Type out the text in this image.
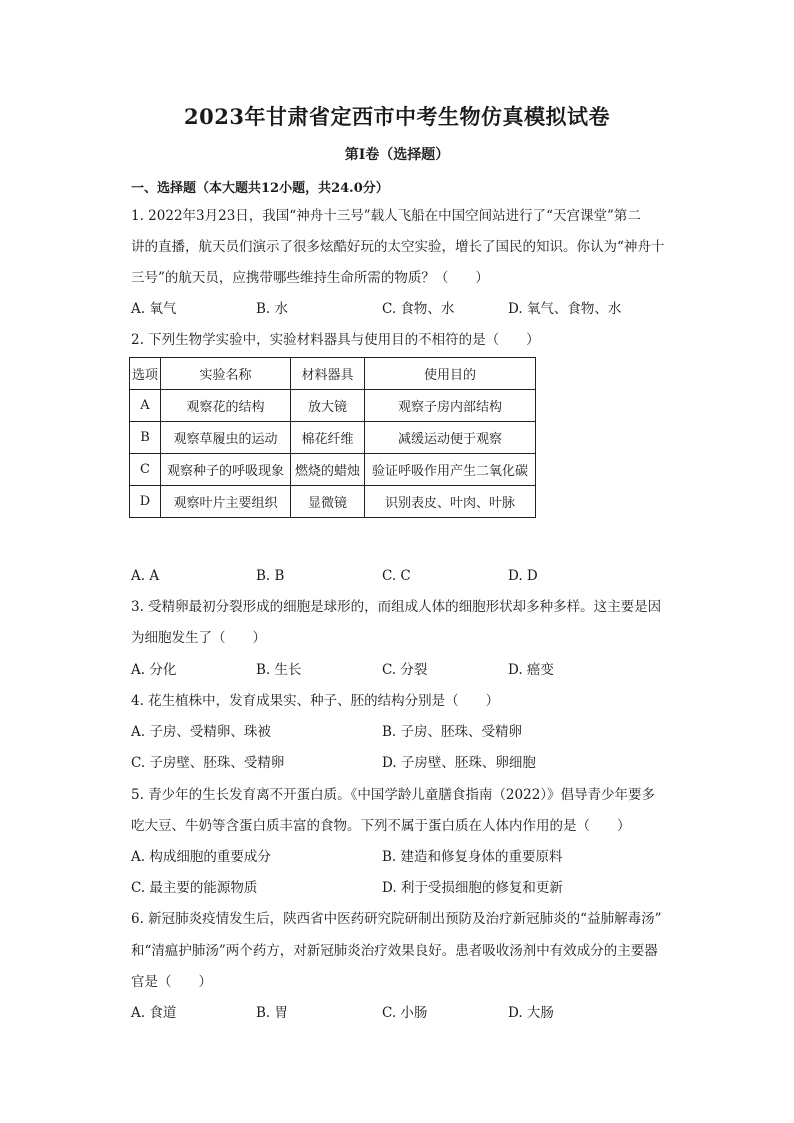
2023年甘肃省定西市中考生物仿真模拟试卷
第I卷（选择题）
一、选择题（本大题共12小题，共24.0分）
1. 2022年3月23日，我国“神舟十三号”载人飞船在中国空间站进行了“天宫课堂”第二
讲的直播，航天员们演示了很多炫酷好玩的太空实验，增长了国民的知识。你认为“神舟十
三号”的航天员，应携带哪些维持生命所需的物质？（　　）
A. 氧气	B. 水	C. 食物、水	D. 氧气、食物、水
2. 下列生物学实验中，实验材料器具与使用目的不相符的是（　　）
选项	实验名称	材料器具	使用目的
A	观察花的结构	放大镜	观察子房内部结构
B	观察草履虫的运动	棉花纤维	减缓运动便于观察
C	观察种子的呼吸现象	燃烧的蜡烛	验证呼吸作用产生二氧化碳
D	观察叶片主要组织	显微镜	识别表皮、叶肉、叶脉
A. A	B. B	C. C	D. D
3. 受精卵最初分裂形成的细胞是球形的，而组成人体的细胞形状却多种多样。这主要是因
为细胞发生了（　　）
A. 分化	B. 生长	C. 分裂	D. 癌变
4. 花生植株中，发育成果实、种子、胚的结构分别是（　　）
A. 子房、受精卵、珠被	B. 子房、胚珠、受精卵
C. 子房壁、胚珠、受精卵	D. 子房壁、胚珠、卵细胞
5. 青少年的生长发育离不开蛋白质。《中国学龄儿童膳食指南（2022）》倡导青少年要多
吃大豆、牛奶等含蛋白质丰富的食物。下列不属于蛋白质在人体内作用的是（　　）
A. 构成细胞的重要成分	B. 建造和修复身体的重要原料
C. 最主要的能源物质	D. 利于受损细胞的修复和更新
6. 新冠肺炎疫情发生后，陕西省中医药研究院研制出预防及治疗新冠肺炎的“益肺解毒汤”
和“清瘟护肺汤”两个药方，对新冠肺炎治疗效果良好。患者吸收汤剂中有效成分的主要器
官是（　　）
A. 食道	B. 胃	C. 小肠	D. 大肠
